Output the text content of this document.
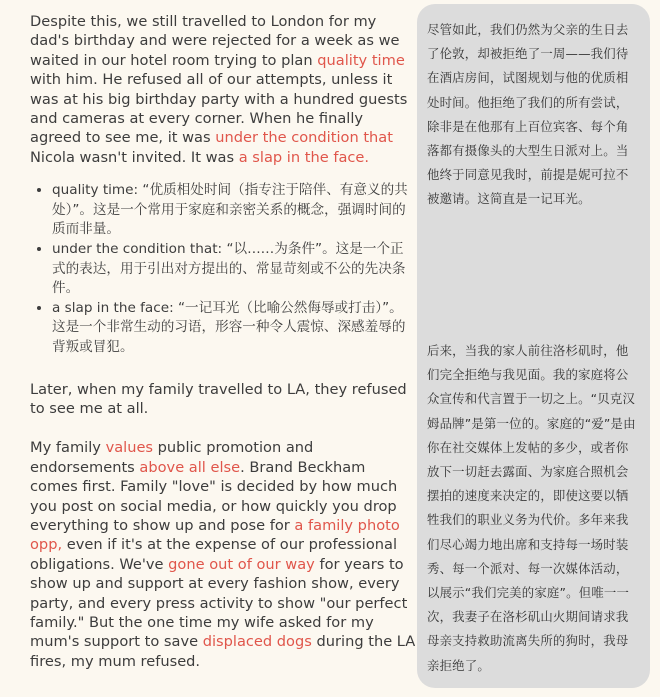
Despite this, we still travelled to London for my dad's birthday and were rejected for a week as we waited in our hotel room trying to plan quality time with him. He refused all of our attempts, unless it was at his big birthday party with a hundred guests and cameras at every corner. When he finally agreed to see me, it was under the condition that Nicola wasn't invited. It was a slap in the face.

• quality time: “优质相处时间（指专注于陪伴、有意义的共处）”。这是一个常用于家庭和亲密关系的概念，强调时间的质而非量。
• under the condition that: “以……为条件”。这是一个正式的表达，用于引出对方提出的、常显苛刻或不公的先决条件。
• a slap in the face: “一记耳光（比喻公然侮辱或打击）”。这是一个非常生动的习语，形容一种令人震惊、深感羞辱的背叛或冒犯。

Later, when my family travelled to LA, they refused to see me at all.

My family values public promotion and endorsements above all else. Brand Beckham comes first. Family "love" is decided by how much you post on social media, or how quickly you drop everything to show up and pose for a family photo opp, even if it's at the expense of our professional obligations. We've gone out of our way for years to show up and support at every fashion show, every party, and every press activity to show "our perfect family." But the one time my wife asked for my mum's support to save displaced dogs during the LA fires, my mum refused.

尽管如此，我们仍然为父亲的生日去了伦敦，却被拒绝了一周——我们待在酒店房间，试图规划与他的优质相处时间。他拒绝了我们的所有尝试，除非是在他那有上百位宾客、每个角落都有摄像头的大型生日派对上。当他终于同意见我时，前提是妮可拉不被邀请。这简直是一记耳光。

后来，当我的家人前往洛杉矶时，他们完全拒绝与我见面。我的家庭将公众宣传和代言置于一切之上。“贝克汉姆品牌”是第一位的。家庭的“爱”是由你在社交媒体上发帖的多少，或者你放下一切赶去露面、为家庭合照机会摆拍的速度来决定的，即使这要以牺牲我们的职业义务为代价。多年来我们尽心竭力地出席和支持每一场时装秀、每一个派对、每一次媒体活动，以展示“我们完美的家庭”。但唯一一次，我妻子在洛杉矶山火期间请求我母亲支持救助流离失所的狗时，我母亲拒绝了。
